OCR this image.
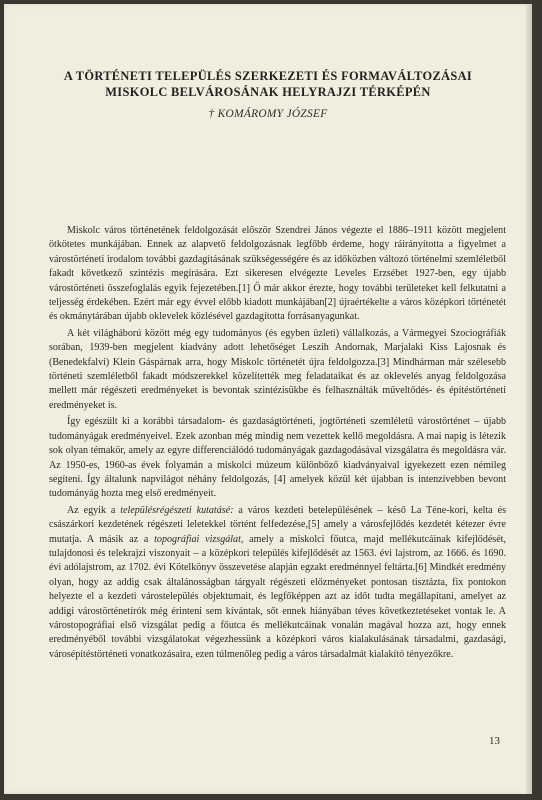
A TÖRTÉNETI TELEPÜLÉS SZERKEZETI ÉS FORMAVÁLTOZÁSAI
MISKOLC BELVÁROSÁNAK HELYRAJZI TÉRKÉPÉN

† KOMÁROMY JÓZSEF

Miskolc város történetének feldolgozását először Szendrei János végezte el 1886–1911 között megjelent ötkötetes munkájában. Ennek az alapvető feldolgozásnak legfőbb érdeme, hogy ráirányította a figyelmet a várostörténeti irodalom további gazdagításának szükségességére és az időközben változó történelmi szemléletből fakadt következő szintézis megírására. Ezt sikeresen elvégezte Leveles Erzsébet 1927-ben, egy újabb várostörténeti összefoglalás egyik fejezetében.[1] Ő már akkor érezte, hogy további területeket kell felkutatni a teljesség érdekében. Ezért már egy évvel előbb kiadott munkájában[2] újraértékelte a város középkori történetét és okmánytárában újabb oklevelek közlésével gazdagította forrásanyagunkat.

A két világháború között még egy tudományos (és egyben üzleti) vállalkozás, a Vármegyei Szociográfiák sorában, 1939-ben megjelent kiadvány adott lehetőséget Leszih Andornak, Marjalaki Kiss Lajosnak és (Benedekfalvi) Klein Gáspárnak arra, hogy Miskolc történetét újra feldolgozza.[3] Mindhárman már szélesebb történeti szemléletből fakadt módszerekkel közelítették meg feladataikat és az oklevelés anyag feldolgozása mellett már régészeti eredményeket is bevontak szintézisükbe és felhasználták műveltődés- és építéstörténeti eredményeket is.

Így egészült ki a korábbi társadalom- és gazdaságtörténeti, jogtörténeti szemléletű várostörténet – újabb tudományágak eredményeivel. Ezek azonban még mindig nem vezettek kellő megoldásra. A mai napig is létezik sok olyan témakör, amely az egyre differenciálódó tudományágak gazdagodásával vizsgálatra és megoldásra vár. Az 1950-es, 1960-as évek folyamán a miskolci múzeum különböző kiadványaival igyekezett ezen némileg segíteni. Így általunk napvilágot néhány feldolgozás, [4] amelyek közül két újabban is intenzívebben bevont tudományág hozta meg első eredményeit.

Az egyik a településrégészeti kutatásé: a város kezdeti betelepülésének – késő La Téne-kori, kelta és császárkori kezdetének régészeti leletekkel történt felfedezése,[5] amely a városfejlődés kezdetét kétezer évre mutatja. A másik az a topográfiai vizsgálat, amely a miskolci főutca, majd mellékutcáinak kifejlődését, tulajdonosi és telekrajzi viszonyait – a középkori település kifejlődését az 1563. évi lajstrom, az 1666. és 1690. évi adólajstrom, az 1702. évi Kötelkönyv összevetése alapján egzakt eredménnyel feltárta.[6] Mindkét eredmény olyan, hogy az addig csak általánosságban tárgyalt régészeti előzményeket pontosan tisztázta, fix pontokon helyezte el a kezdeti várostelepülés objektumait, és legfőképpen azt az időt tudta megállapítani, amelyet az addigi várostörténetírók még érinteni sem kívántak, sőt ennek hiányában téves következtetéseket vontak le. A várostopográfiai első vizsgálat pedig a főutca és mellékutcáinak vonalán magával hozza azt, hogy ennek eredményéből további vizsgálatokat végezhessünk a középkori város kialakulásának társadalmi, gazdasági, városépítéstörténeti vonatkozásaira, ezen túlmenőleg pedig a város társadalmát kialakító tényezőkre.

13
